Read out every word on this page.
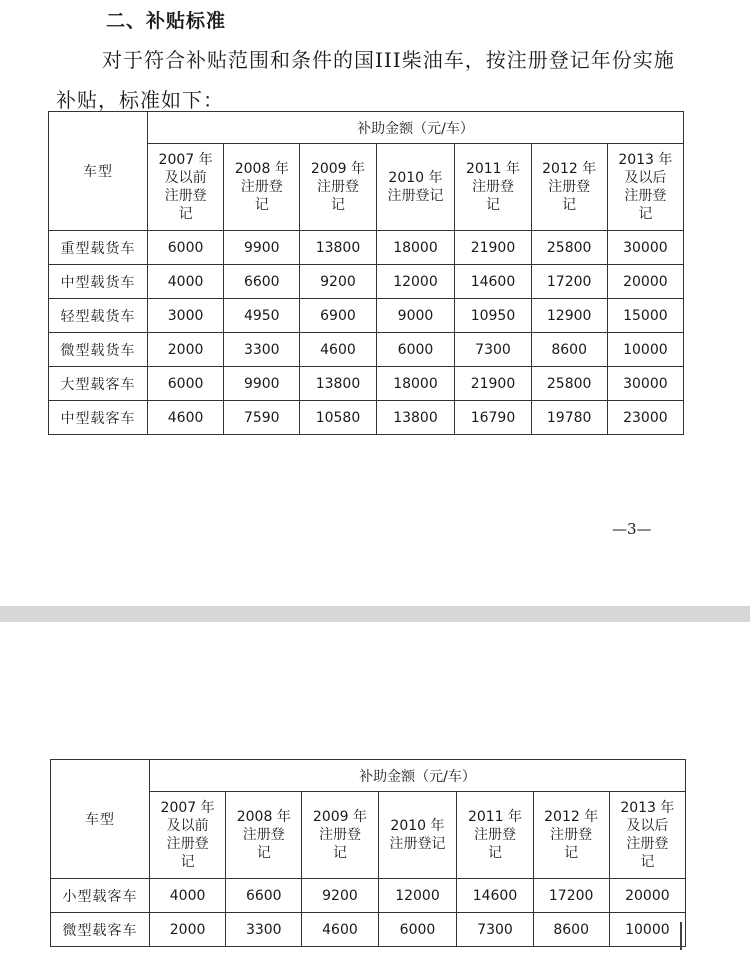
二、补贴标准

对于符合补贴范围和条件的国III柴油车，按注册登记年份实施补贴，标准如下：

车型	补助金额（元/车）						
	2007 年
及以前
注册登
记	2008 年
注册登
记	2009 年
注册登
记	2010 年
注册登记	2011 年
注册登
记	2012 年
注册登
记	2013 年
及以后
注册登
记
重型载货车	6000	9900	13800	18000	21900	25800	30000
中型载货车	4000	6600	9200	12000	14600	17200	20000
轻型载货车	3000	4950	6900	9000	10950	12900	15000
微型载货车	2000	3300	4600	6000	7300	8600	10000
大型载客车	6000	9900	13800	18000	21900	25800	30000
中型载客车	4600	7590	10580	13800	16790	19780	23000
—3—
车型	补助金额（元/车）						
	2007 年
及以前
注册登
记	2008 年
注册登
记	2009 年
注册登
记	2010 年
注册登记	2011 年
注册登
记	2012 年
注册登
记	2013 年
及以后
注册登
记
小型载客车	4000	6600	9200	12000	14600	17200	20000
微型载客车	2000	3300	4600	6000	7300	8600	10000
